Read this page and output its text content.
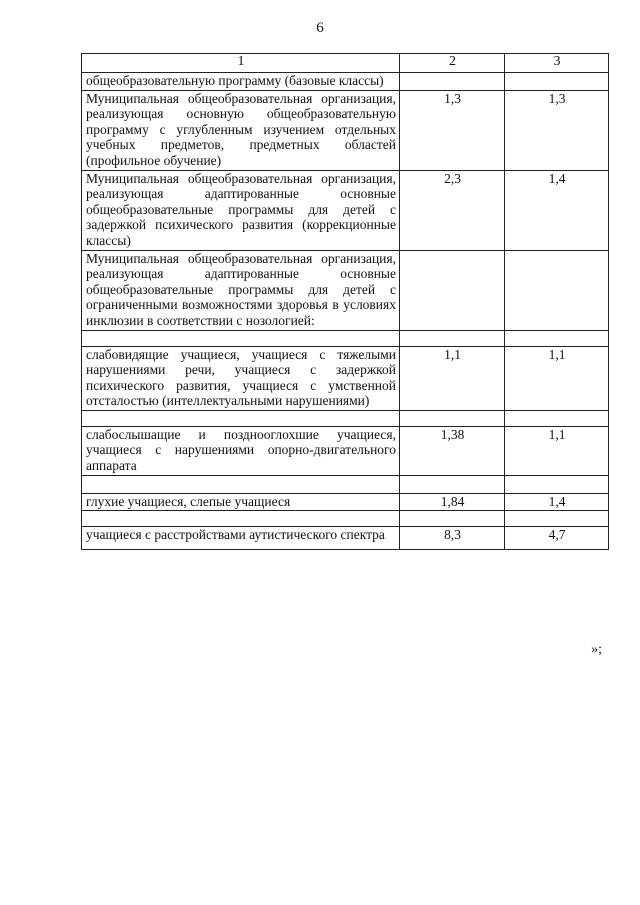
6
1	2	3
общеобразовательную программу (базовые классы)		
Муниципальная общеобразовательная организация, реализующая основную общеобразовательную программу с углубленным изучением отдельных учебных предметов, предметных областей (профильное обучение)	1,3	1,3
Муниципальная общеобразовательная организация, реализующая адаптированные основные общеобразовательные программы для детей с задержкой психического развития (коррекционные классы)	2,3	1,4
Муниципальная общеобразовательная организация, реализующая адаптированные основные общеобразовательные программы для детей с ограниченными возможностями здоровья в условиях инклюзии в соответствии с нозологией:		

слабовидящие учащиеся, учащиеся с тяжелыми нарушениями речи, учащиеся с задержкой психического развития, учащиеся с умственной отсталостью (интеллектуальными нарушениями)	1,1	1,1

слабослышащие и позднооглохшие учащиеся, учащиеся с нарушениями опорно-двигательного аппарата	1,38	1,1

глухие учащиеся, слепые учащиеся	1,84	1,4

учащиеся с расстройствами аутистического спектра	8,3	4,7
»;
